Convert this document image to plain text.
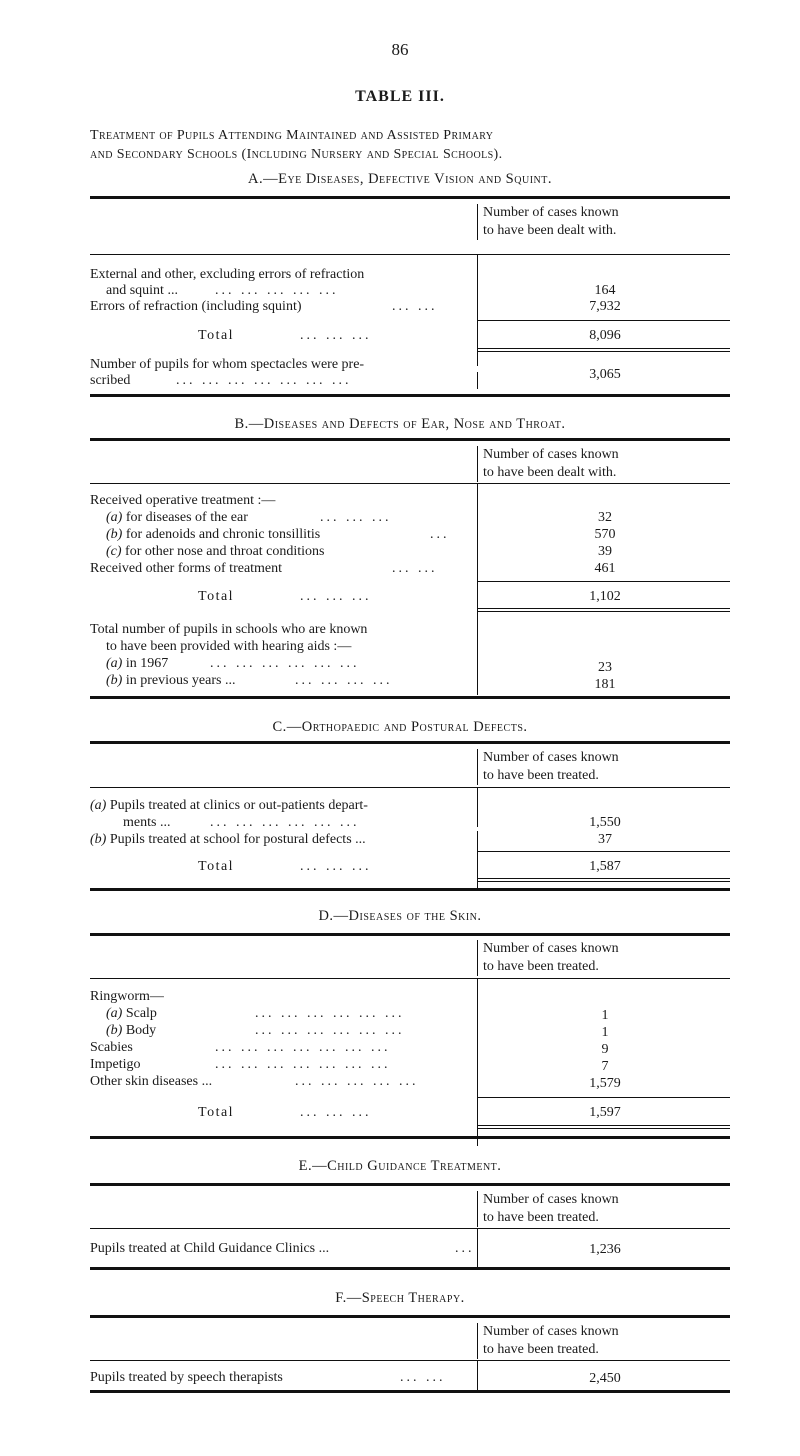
86
TABLE III.
Treatment of Pupils Attending Maintained and Assisted Primary
and Secondary Schools (Including Nursery and Special Schools).
A.—Eye Diseases, Defective Vision and Squint.
Number of cases known
to have been dealt with.
External and other, excluding errors of refraction
and squint ...	... ... ... ... ...	164
Errors of refraction (including squint)	... ...	7,932
Total	... ... ...	8,096
Number of pupils for whom spectacles were pre-
scribed	... ... ... ... ... ... ...	3,065
B.—Diseases and Defects of Ear, Nose and Throat.
Number of cases known
to have been dealt with.
Received operative treatment :—
(a) for diseases of the ear	... ... ...	32
(b) for adenoids and chronic tonsillitis	...	570
(c) for other nose and throat conditions	39
Received other forms of treatment	... ...	461
Total	... ... ...	1,102
Total number of pupils in schools who are known
to have been provided with hearing aids :—
(a) in 1967	... ... ... ... ... ...	23
(b) in previous years ...	... ... ... ...	181
C.—Orthopaedic and Postural Defects.
Number of cases known
to have been treated.
(a) Pupils treated at clinics or out-patients depart-
ments ...	... ... ... ... ... ...	1,550
(b) Pupils treated at school for postural defects ...	37
Total	... ... ...	1,587
D.—Diseases of the Skin.
Number of cases known
to have been treated.
Ringworm—
(a) Scalp	... ... ... ... ... ...	1
(b) Body	... ... ... ... ... ...	1
Scabies	... ... ... ... ... ... ...	9
Impetigo	... ... ... ... ... ... ...	7
Other skin diseases ...	... ... ... ... ...	1,579
Total	... ... ...	1,597
E.—Child Guidance Treatment.
Number of cases known
to have been treated.
Pupils treated at Child Guidance Clinics ...	...	1,236
F.—Speech Therapy.
Number of cases known
to have been treated.
Pupils treated by speech therapists	... ...	2,450
